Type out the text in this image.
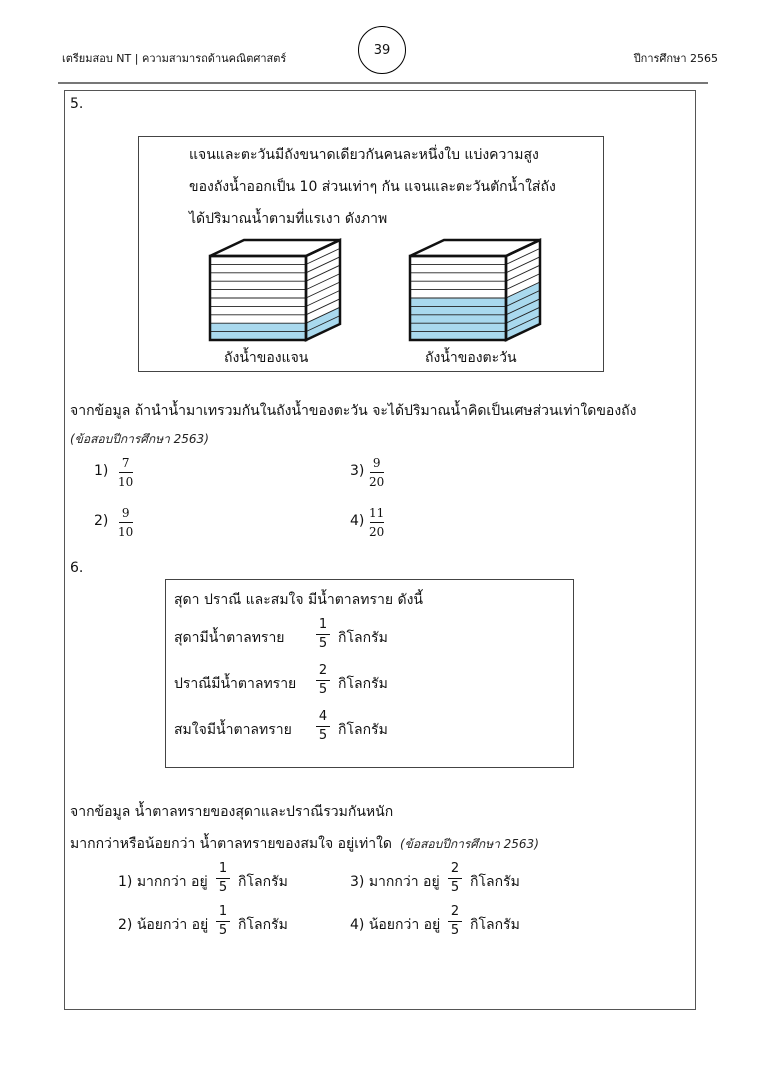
เตรียมสอบ NT | ความสามารถด้านคณิตศาสตร์
39
ปีการศึกษา 2565
5.
แจนและตะวันมีถังขนาดเดียวกันคนละหนึ่งใบ แบ่งความสูง
ของถังน้ำออกเป็น 10 ส่วนเท่าๆ กัน แจนและตะวันตักน้ำใส่ถัง
ได้ปริมาณน้ำตามที่แรเงา ดังภาพ
ถังน้ำของแจน	ถังน้ำของตะวัน
จากข้อมูล ถ้านำน้ำมาเทรวมกันในถังน้ำของตะวัน จะได้ปริมาณน้ำคิดเป็นเศษส่วนเท่าใดของถัง
(ข้อสอบปีการศึกษา 2563)
1) 7
10
3) 9
20
2) 9
10
4) 11
20
6.
สุดา ปราณี และสมใจ มีน้ำตาลทราย ดังนี้
สุดามีน้ำตาลทราย
1
5 กิโลกรัม
ปราณีมีน้ำตาลทราย
2
5 กิโลกรัม
สมใจมีน้ำตาลทราย
4
5 กิโลกรัม
จากข้อมูล น้ำตาลทรายของสุดาและปราณีรวมกันหนัก
มากกว่าหรือน้อยกว่า น้ำตาลทรายของสมใจ อยู่เท่าใด (ข้อสอบปีการศึกษา 2563)
1) มากกว่า อยู่
1
5 กิโลกรัม	3) มากกว่า อยู่
2
5 กิโลกรัม
2) น้อยกว่า อยู่
1
5 กิโลกรัม	4) น้อยกว่า อยู่
2
5 กิโลกรัม
